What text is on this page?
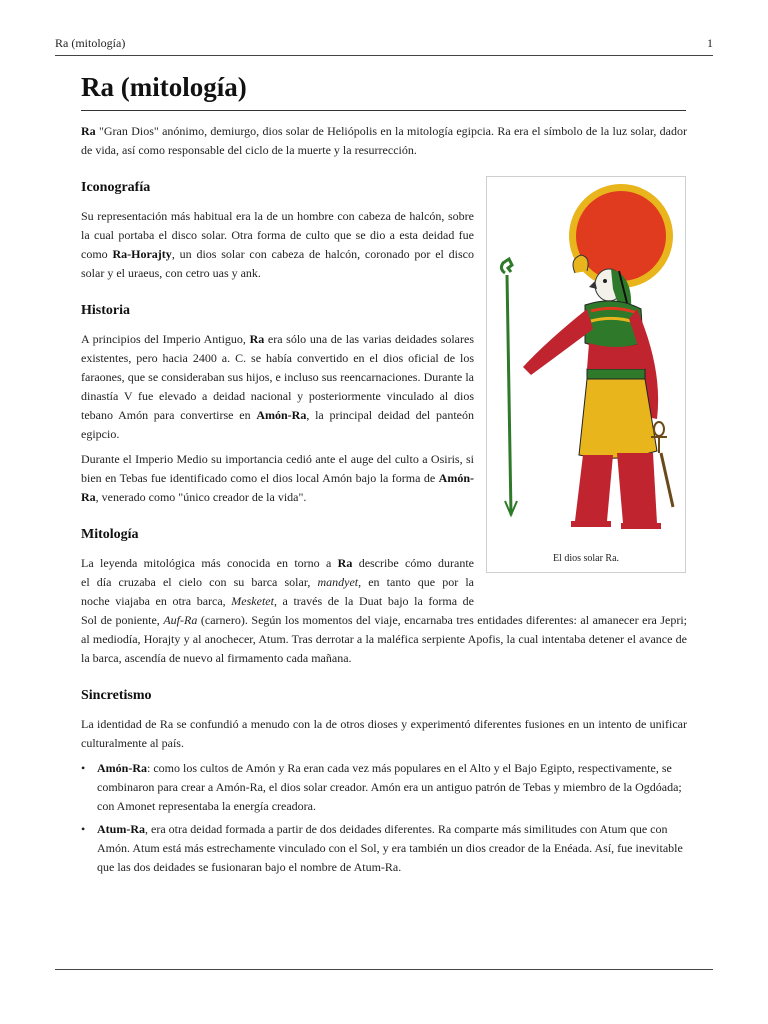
Ra (mitología)	1
Ra (mitología)
El dios solar Ra.

Ra "Gran Dios" anónimo, demiurgo, dios solar de Heliópolis en la mitología egipcia. Ra era el símbolo de la luz solar, dador de vida, así como responsable del ciclo de la muerte y la resurrección.

Iconografía

Su representación más habitual era la de un hombre con cabeza de halcón, sobre la cual portaba el disco solar. Otra forma de culto que se dio a esta deidad fue como Ra-Horajty, un dios solar con cabeza de halcón, coronado por el disco solar y el uraeus, con cetro uas y ank.

Historia

A principios del Imperio Antiguo, Ra era sólo una de las varias deidades solares existentes, pero hacia 2400 a. C. se había convertido en el dios oficial de los faraones, que se consideraban sus hijos, e incluso sus reencarnaciones. Durante la dinastía V fue elevado a deidad nacional y posteriormente vinculado al dios tebano Amón para convertirse en Amón-Ra, la principal deidad del panteón egipcio.

Durante el Imperio Medio su importancia cedió ante el auge del culto a Osiris, si bien en Tebas fue identificado como el dios local Amón bajo la forma de Amón-Ra, venerado como "único creador de la vida".

Mitología

La leyenda mitológica más conocida en torno a Ra describe cómo durante
el día cruzaba el cielo con su barca solar, mandyet, en tanto que por la
noche viajaba en otra barca, Mesketet, a través de la Duat bajo la forma de
Sol de poniente, Auf-Ra (carnero). Según los momentos del viaje, encarnaba tres entidades diferentes: al amanecer era Jepri; al mediodía, Horajty y al anochecer, Atum. Tras derrotar a la maléfica serpiente Apofis, la cual intentaba detener el avance de la barca, ascendía de nuevo al firmamento cada mañana.

Sincretismo

La identidad de Ra se confundió a menudo con la de otros dioses y experimentó diferentes fusiones en un intento de unificar culturalmente al país.

• Amón-Ra: como los cultos de Amón y Ra eran cada vez más populares en el Alto y el Bajo Egipto, respectivamente, se combinaron para crear a Amón-Ra, el dios solar creador. Amón era un antiguo patrón de Tebas y miembro de la Ogdóada; con Amonet representaba la energía creadora.
• Atum-Ra, era otra deidad formada a partir de dos deidades diferentes. Ra comparte más similitudes con Atum que con Amón. Atum está más estrechamente vinculado con el Sol, y era también un dios creador de la Enéada. Así, fue inevitable que las dos deidades se fusionaran bajo el nombre de Atum-Ra.
